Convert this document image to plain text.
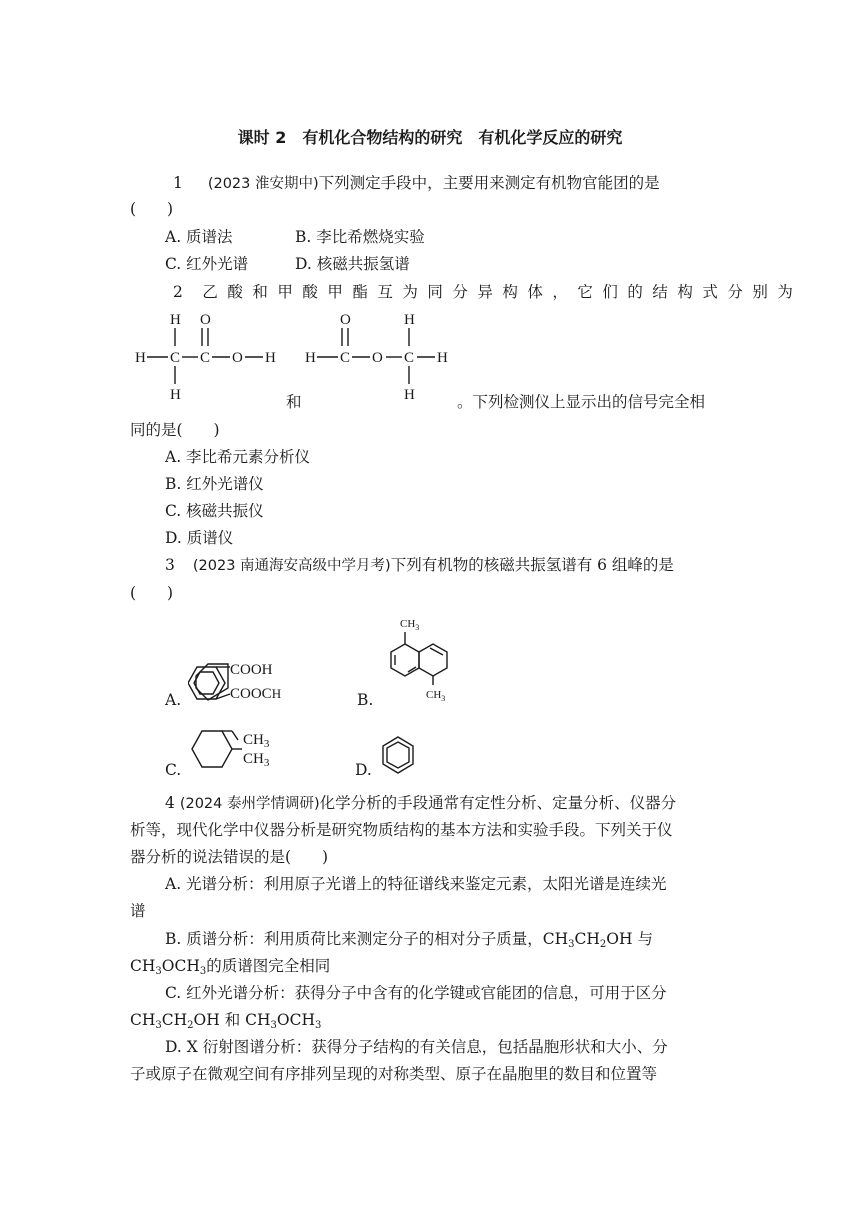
课时 2　有机化合物结构的研究　有机化学反应的研究
1 (2023 淮安期中)下列测定手段中，主要用来测定有机物官能团的是
(　　)
A. 质谱法	B. 李比希燃烧实验
C. 红外光谱	D. 核磁共振氢谱
2 乙酸和甲酸甲酯互为同分异构体，它们的结构式分别为
H O
H C C O H
H
O	H
H C O C H
H
和	。下列检测仪上显示出的信号完全相
同的是(　　)
A. 李比希元素分析仪
B. 红外光谱仪
C. 核磁共振仪
D. 质谱仪
3 (2023 南通海安高级中学月考)下列有机物的核磁共振氢谱有 6 组峰的是
(　　)
A.	B.
C.	D.
COOH
COOCH
$CH_3$
$CH_3$
$CH_3$
$CH_3$
4 (2024 泰州学情调研)化学分析的手段通常有定性分析、定量分析、仪器分
析等，现代化学中仪器分析是研究物质结构的基本方法和实验手段。下列关于仪
器分析的说法错误的是(　　)
A. 光谱分析：利用原子光谱上的特征谱线来鉴定元素，太阳光谱是连续光
谱
B. 质谱分析：利用质荷比来测定分子的相对分子质量，$CH_3CH_2OH$ 与
$CH_3OCH_3$的质谱图完全相同
C. 红外光谱分析：获得分子中含有的化学键或官能团的信息，可用于区分
$CH_3CH_2OH$ 和 $CH_3OCH_3$
D. X 衍射图谱分析：获得分子结构的有关信息，包括晶胞形状和大小、分
子或原子在微观空间有序排列呈现的对称类型、原子在晶胞里的数目和位置等
